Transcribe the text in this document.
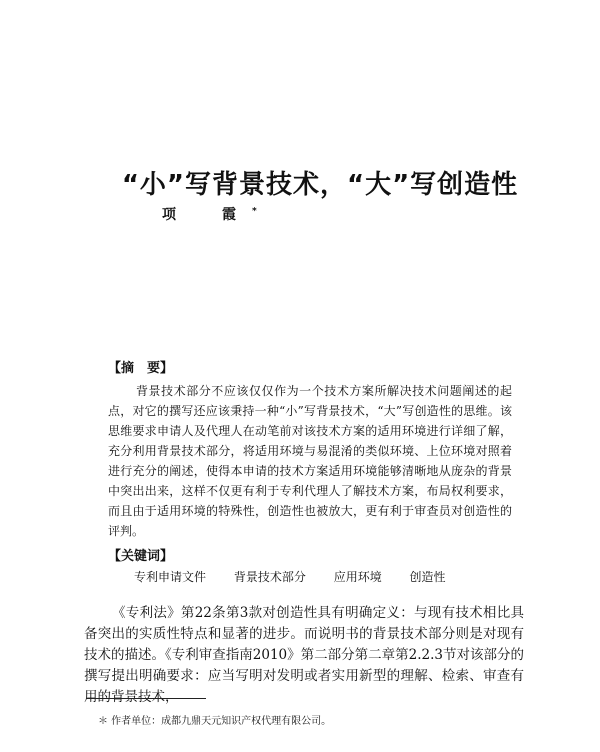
“小”写背景技术，“大”写创造性
项　霞*
【摘　要】
背景技术部分不应该仅仅作为一个技术方案所解决技术问题阐述的起点，对它的撰写还应该秉持一种“小”写背景技术，“大”写创造性的思维。该思维要求申请人及代理人在动笔前对该技术方案的适用环境进行详细了解，充分利用背景技术部分，将适用环境与易混淆的类似环境、上位环境对照着进行充分的阐述，使得本申请的技术方案适用环境能够清晰地从庞杂的背景中突出出来，这样不仅更有利于专利代理人了解技术方案，布局权利要求，而且由于适用环境的特殊性，创造性也被放大，更有利于审查员对创造性的评判。
【关键词】
专利申请文件 背景技术部分 应用环境 创造性
《专利法》第22条第3款对创造性具有明确定义：与现有技术相比具备突出的实质性特点和显著的进步。而说明书的背景技术部分则是对现有技术的描述。《专利审查指南2010》第二部分第二章第2.2.3节对该部分的撰写提出明确要求：应当写明对发明或者实用新型的理解、检索、审查有用的背景技术，
＊ 作者单位：成都九鼎天元知识产权代理有限公司。
